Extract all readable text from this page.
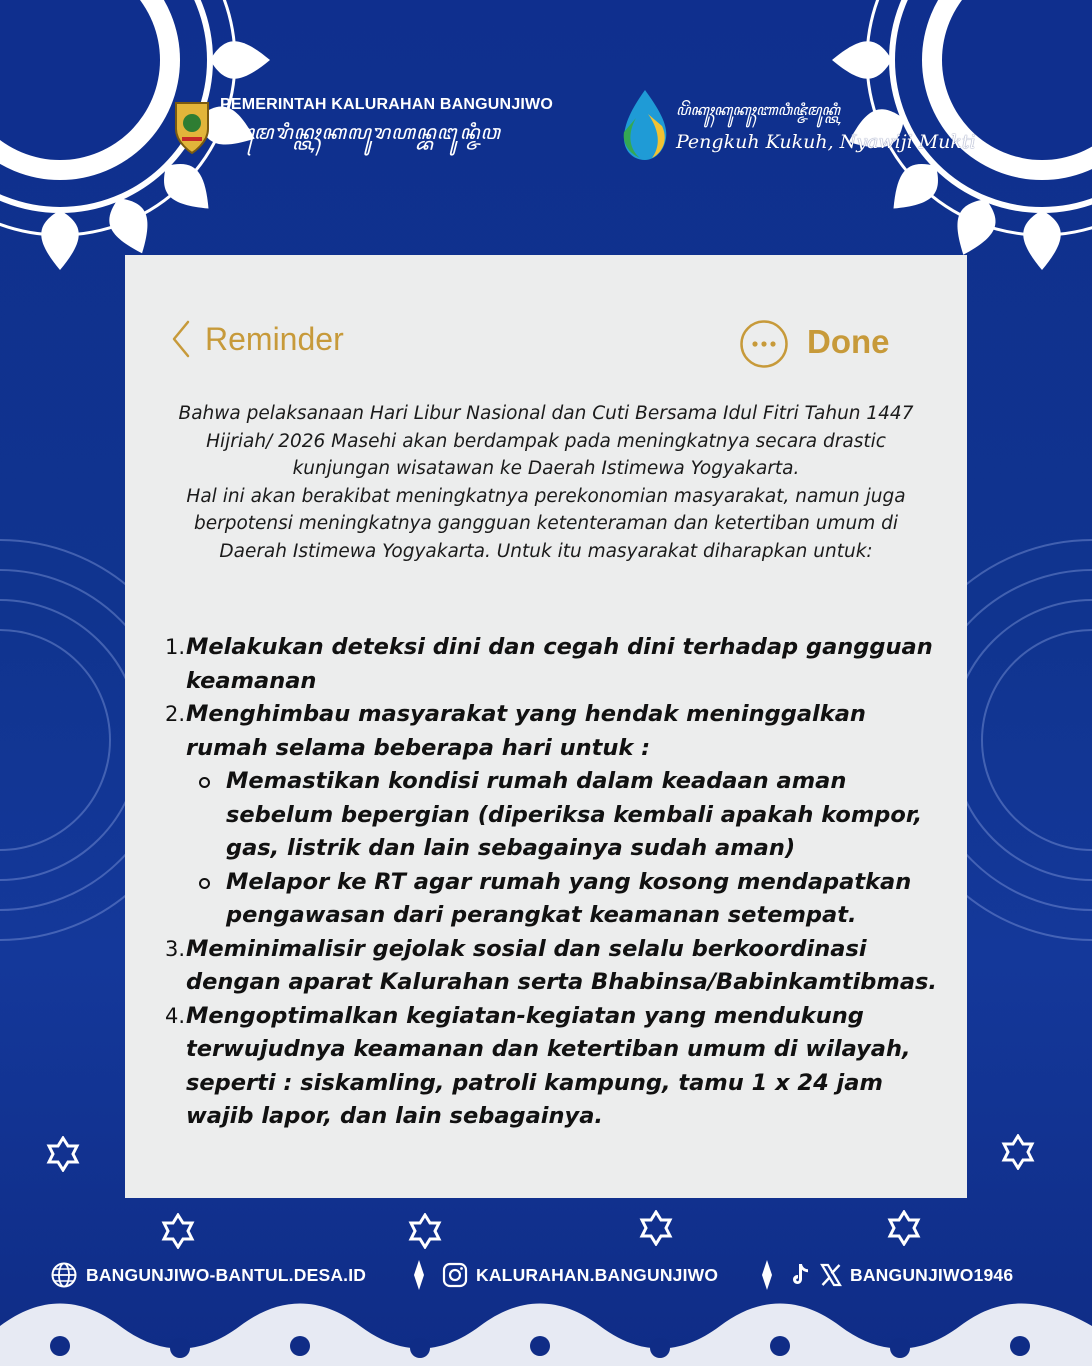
PEMERINTAH KALURAHAN BANGUNJIWO
ꦥꦼꦩꦺꦫꦶꦤ꧀ꦠꦃꦏꦭꦸꦫꦲꦤ꧀ꦧꦔꦸꦤ꧀ꦗꦶꦮ
ꦥꦼꦁꦏꦸꦃꦏꦸꦏꦸꦃꦚꦮꦶꦗ꧀ꦗꦶꦩꦸꦏ꧀ꦠꦶ
Pengkuh Kukuh, Nyawiji Mukti
Reminder	Done

Bahwa pelaksanaan Hari Libur Nasional dan Cuti Bersama Idul Fitri Tahun 1447 Hijriah/ 2026 Masehi akan berdampak pada meningkatnya secara drastic kunjungan wisatawan ke Daerah Istimewa Yogyakarta.

Hal ini akan berakibat meningkatnya perekonomian masyarakat, namun juga berpotensi meningkatnya gangguan ketenteraman dan ketertiban umum di Daerah Istimewa Yogyakarta. Untuk itu masyarakat diharapkan untuk:

1. Melakukan deteksi dini dan cegah dini terhadap gangguan keamanan
2. Menghimbau masyarakat yang hendak meninggalkan rumah selama beberapa hari untuk :
Memastikan kondisi rumah dalam keadaan aman sebelum bepergian (diperiksa kembali apakah kompor, gas, listrik dan lain sebagainya sudah aman)
Melapor ke RT agar rumah yang kosong mendapatkan pengawasan dari perangkat keamanan setempat.
3. Meminimalisir gejolak sosial dan selalu berkoordinasi dengan aparat Kalurahan serta Bhabinsa/Babinkamtibmas.
4. Mengoptimalkan kegiatan-kegiatan yang mendukung terwujudnya keamanan dan ketertiban umum di wilayah, seperti : siskamling, patroli kampung, tamu 1 x 24 jam wajib lapor, dan lain sebagainya.
BANGUNJIWO-BANTUL.DESA.ID	KALURAHAN.BANGUNJIWO	BANGUNJIWO1946
